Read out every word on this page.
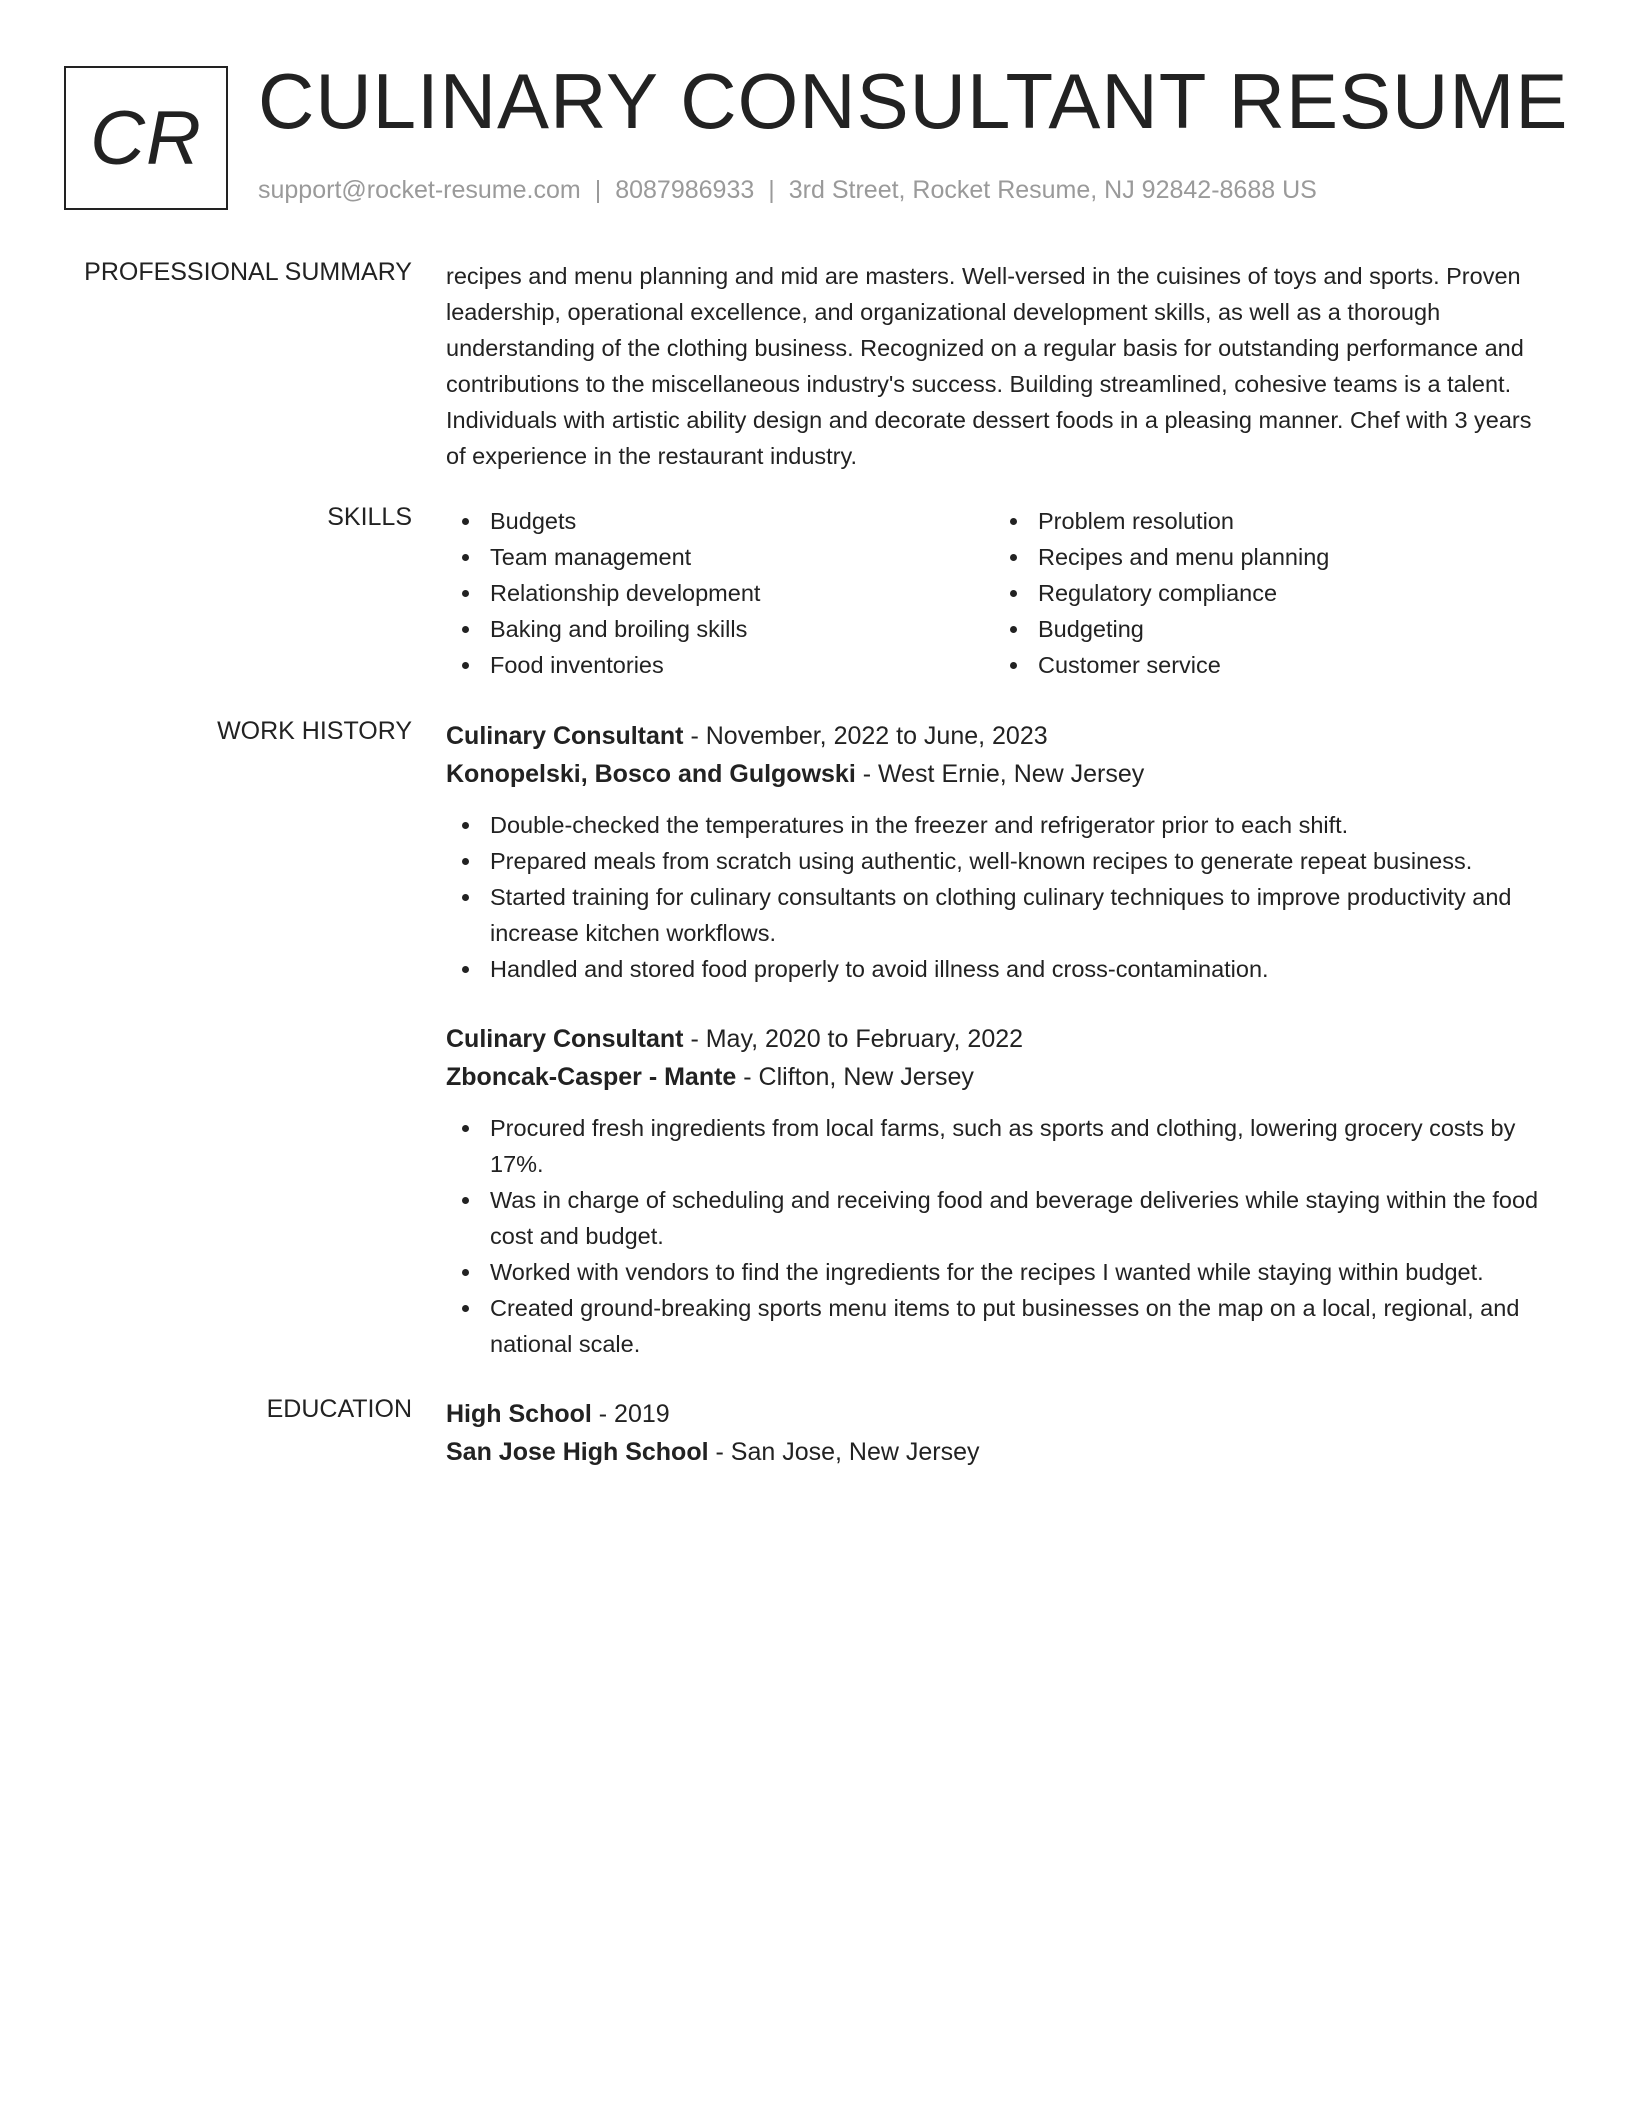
CR CULINARY CONSULTANT RESUME
support@rocket-resume.com | 8087986933 | 3rd Street, Rocket Resume, NJ 92842-8688 US
PROFESSIONAL SUMMARY recipes and menu planning and mid are masters. Well-versed in the cuisines of toys and sports. Proven leadership, operational excellence, and organizational development skills, as well as a thorough understanding of the clothing business. Recognized on a regular basis for outstanding performance and contributions to the miscellaneous industry's success. Building streamlined, cohesive teams is a talent. Individuals with artistic ability design and decorate dessert foods in a pleasing manner. Chef with 3 years of experience in the restaurant industry.

SKILLS	Budgets
Team management
Relationship development
Baking and broiling skills
Food inventories
Problem resolution
Recipes and menu planning
Regulatory compliance
Budgeting
Customer service
WORK HISTORY Culinary Consultant - November, 2022 to June, 2023
Konopelski, Bosco and Gulgowski - West Ernie, New Jersey
Double-checked the temperatures in the freezer and refrigerator prior to each shift.
Prepared meals from scratch using authentic, well-known recipes to generate repeat business.
Started training for culinary consultants on clothing culinary techniques to improve productivity and increase kitchen workflows.
Handled and stored food properly to avoid illness and cross-contamination.
Culinary Consultant - May, 2020 to February, 2022
Zboncak-Casper - Mante - Clifton, New Jersey
Procured fresh ingredients from local farms, such as sports and clothing, lowering grocery costs by 17%.
Was in charge of scheduling and receiving food and beverage deliveries while staying within the food cost and budget.
Worked with vendors to find the ingredients for the recipes I wanted while staying within budget.
Created ground-breaking sports menu items to put businesses on the map on a local, regional, and national scale.
EDUCATION High School - 2019
San Jose High School - San Jose, New Jersey
